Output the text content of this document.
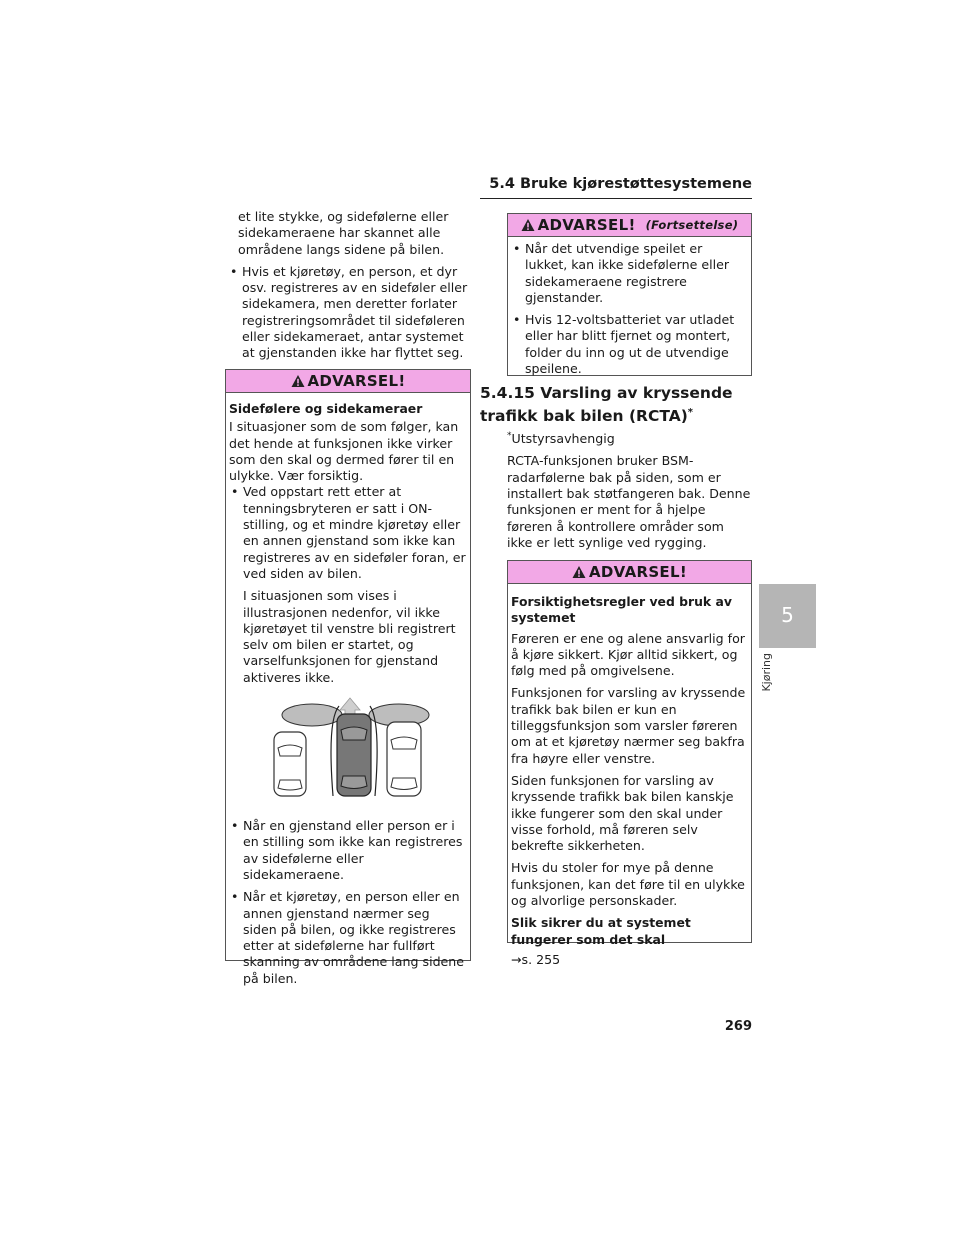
5.4 Bruke kjørestøttesystemene
5
Kjøring

et lite stykke, og sidefølerne eller sidekameraene har skannet alle områdene langs sidene på bilen.

• Hvis et kjøretøy, en person, et dyr osv. registreres av en sideføler eller sidekamera, men deretter forlater registreringsområdet til sideføleren eller sidekameraet, antar systemet at gjenstanden ikke har flyttet seg.
ADVARSEL!

Sidefølere og sidekameraer

I situasjoner som de som følger, kan det hende at funksjonen ikke virker som den skal og dermed fører til en ulykke. Vær forsiktig.

• Ved oppstart rett etter at tenningsbryteren er satt i ON-stilling, og et mindre kjøretøy eller en annen gjenstand som ikke kan registreres av en sideføler foran, er ved siden av bilen.
I situasjonen som vises i illustrasjonen nedenfor, vil ikke kjøretøyet til venstre bli registrert selv om bilen er startet, og varselfunksjonen for gjenstand aktiveres ikke.
• Når en gjenstand eller person er i en stilling som ikke kan registreres av sidefølerne eller sidekameraene.
• Når et kjøretøy, en person eller en annen gjenstand nærmer seg siden på bilen, og ikke registreres etter at sidefølerne har fullført skanning av områdene lang sidene på bilen.
ADVARSEL! (Fortsettelse)
• Når det utvendige speilet er lukket, kan ikke sidefølerne eller sidekameraene registrere gjenstander.
• Hvis 12-voltsbatteriet var utladet eller har blitt fjernet og montert, folder du inn og ut de utvendige speilene.
5.4.15 Varsling av kryssende trafikk bak bilen (RCTA)*

*Utstyrsavhengig

RCTA-funksjonen bruker BSM-radarfølerne bak på siden, som er installert bak støtfangeren bak. Denne funksjonen er ment for å hjelpe føreren å kontrollere områder som ikke er lett synlige ved rygging.

ADVARSEL!

Forsiktighetsregler ved bruk av systemet

Føreren er ene og alene ansvarlig for å kjøre sikkert. Kjør alltid sikkert, og følg med på omgivelsene.

Funksjonen for varsling av kryssende trafikk bak bilen er kun en tilleggsfunksjon som varsler føreren om at et kjøretøy nærmer seg bakfra fra høyre eller venstre.

Siden funksjonen for varsling av kryssende trafikk bak bilen kanskje ikke fungerer som den skal under visse forhold, må føreren selv bekrefte sikkerheten.

Hvis du stoler for mye på denne funksjonen, kan det føre til en ulykke og alvorlige personskader.

Slik sikrer du at systemet fungerer som det skal

→s. 255

269
